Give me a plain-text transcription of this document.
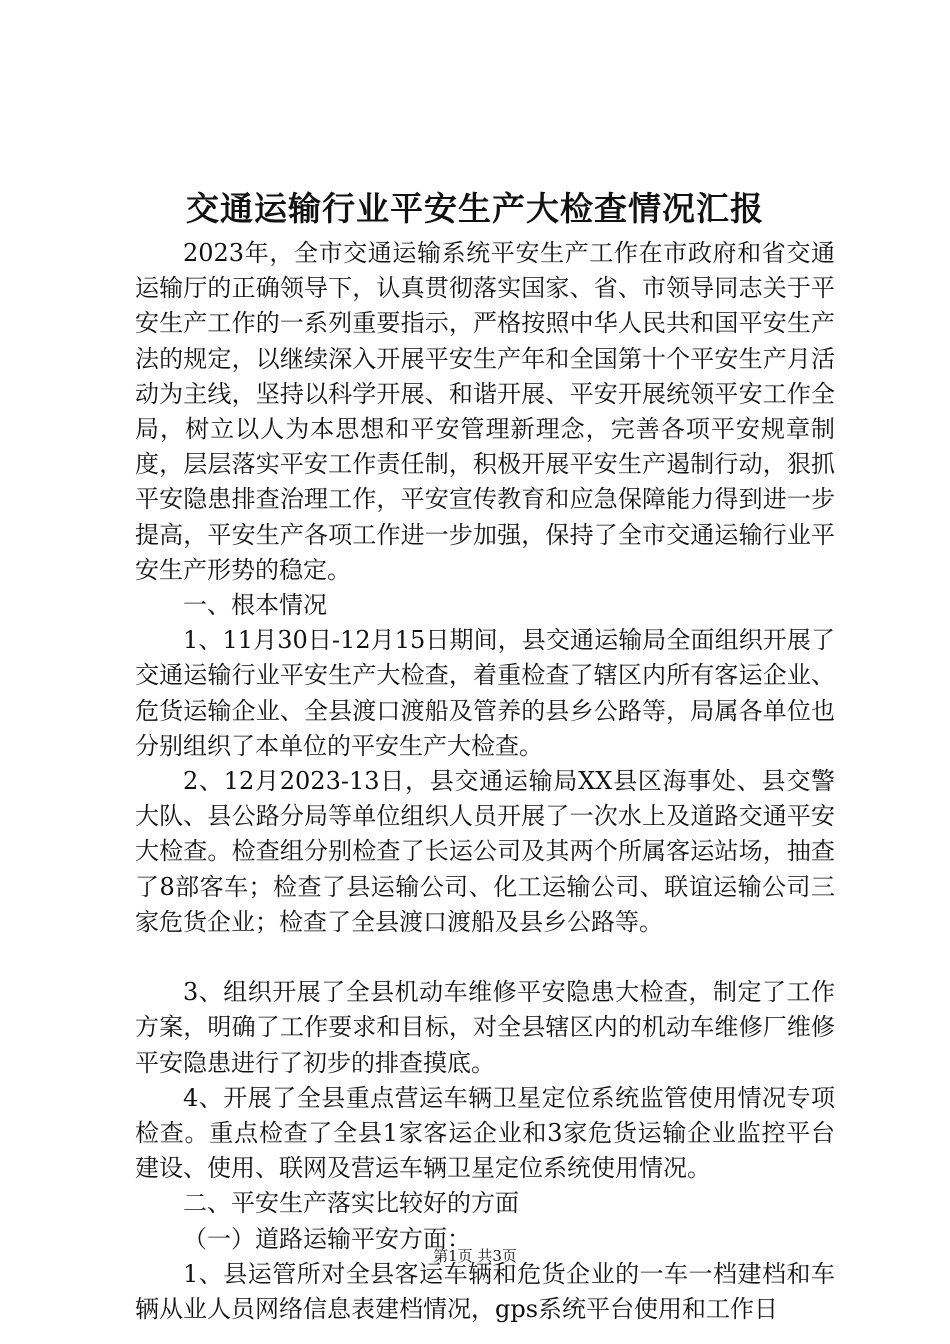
交通运输行业平安生产大检查情况汇报

2023年，全市交通运输系统平安生产工作在市政府和省交通运输厅的正确领导下，认真贯彻落实国家、省、市领导同志关于平安生产工作的一系列重要指示，严格按照中华人民共和国平安生产法的规定，以继续深入开展平安生产年和全国第十个平安生产月活动为主线，坚持以科学开展、和谐开展、平安开展统领平安工作全局，树立以人为本思想和平安管理新理念，完善各项平安规章制度，层层落实平安工作责任制，积极开展平安生产遏制行动，狠抓平安隐患排查治理工作，平安宣传教育和应急保障能力得到进一步提高，平安生产各项工作进一步加强，保持了全市交通运输行业平安生产形势的稳定。

一、根本情况

1、11月30日-12月15日期间，县交通运输局全面组织开展了交通运输行业平安生产大检查，着重检查了辖区内所有客运企业、危货运输企业、全县渡口渡船及管养的县乡公路等，局属各单位也分别组织了本单位的平安生产大检查。

2、12月2023-13日，县交通运输局XX县区海事处、县交警大队、县公路分局等单位组织人员开展了一次水上及道路交通平安大检查。检查组分别检查了长运公司及其两个所属客运站场，抽查了8部客车；检查了县运输公司、化工运输公司、联谊运输公司三家危货企业；检查了全县渡口渡船及县乡公路等。

3、组织开展了全县机动车维修平安隐患大检查，制定了工作方案，明确了工作要求和目标，对全县辖区内的机动车维修厂维修平安隐患进行了初步的排查摸底。

4、开展了全县重点营运车辆卫星定位系统监管使用情况专项检查。重点检查了全县1家客运企业和3家危货运输企业监控平台建设、使用、联网及营运车辆卫星定位系统使用情况。

二、平安生产落实比较好的方面

（一）道路运输平安方面：

1、县运管所对全县客运车辆和危货企业的一车一档建档和车辆从业人员网络信息表建档情况，gps系统平台使用和工作日

第1页 共3页
